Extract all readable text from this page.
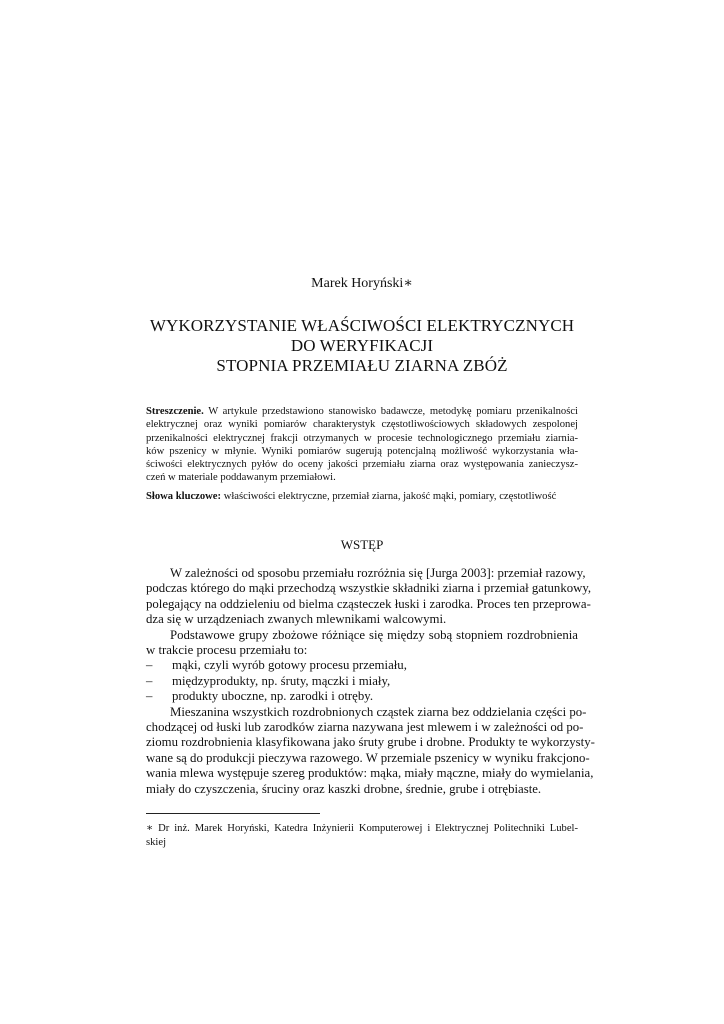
Marek Horyński∗
WYKORZYSTANIE WŁAŚCIWOŚCI ELEKTRYCZNYCH
DO WERYFIKACJI
STOPNIA PRZEMIAŁU ZIARNA ZBÓŻ
Streszczenie. W artykule przedstawiono stanowisko badawcze, metodykę pomiaru przenikalności
elektrycznej oraz wyniki pomiarów charakterystyk częstotliwościowych składowych zespolonej
przenikalności elektrycznej frakcji otrzymanych w procesie technologicznego przemiału ziarnia-
ków pszenicy w młynie. Wyniki pomiarów sugerują potencjalną możliwość wykorzystania wła-
ściwości elektrycznych pyłów do oceny jakości przemiału ziarna oraz występowania zanieczysz-
czeń w materiale poddawanym przemiałowi.
Słowa kluczowe: właściwości elektryczne, przemiał ziarna, jakość mąki, pomiary, częstotliwość
WSTĘP
W zależności od sposobu przemiału rozróżnia się [Jurga 2003]: przemiał razowy,
podczas którego do mąki przechodzą wszystkie składniki ziarna i przemiał gatunkowy,
polegający na oddzieleniu od bielma cząsteczek łuski i zarodka. Proces ten przeprowa-
dza się w urządzeniach zwanych mlewnikami walcowymi.
Podstawowe grupy zbożowe różniące się między sobą stopniem rozdrobnienia
w trakcie procesu przemiału to:
–	mąki, czyli wyrób gotowy procesu przemiału,
–	międzyprodukty, np. śruty, mączki i miały,
–	produkty uboczne, np. zarodki i otręby.
Mieszanina wszystkich rozdrobnionych cząstek ziarna bez oddzielania części po-
chodzącej od łuski lub zarodków ziarna nazywana jest mlewem i w zależności od po-
ziomu rozdrobnienia klasyfikowana jako śruty grube i drobne. Produkty te wykorzysty-
wane są do produkcji pieczywa razowego. W przemiale pszenicy w wyniku frakcjono-
wania mlewa występuje szereg produktów: mąka, miały mączne, miały do wymielania,
miały do czyszczenia, śruciny oraz kaszki drobne, średnie, grube i otrębiaste.
∗ Dr inż. Marek Horyński, Katedra Inżynierii Komputerowej i Elektrycznej Politechniki Lubel-
skiej
